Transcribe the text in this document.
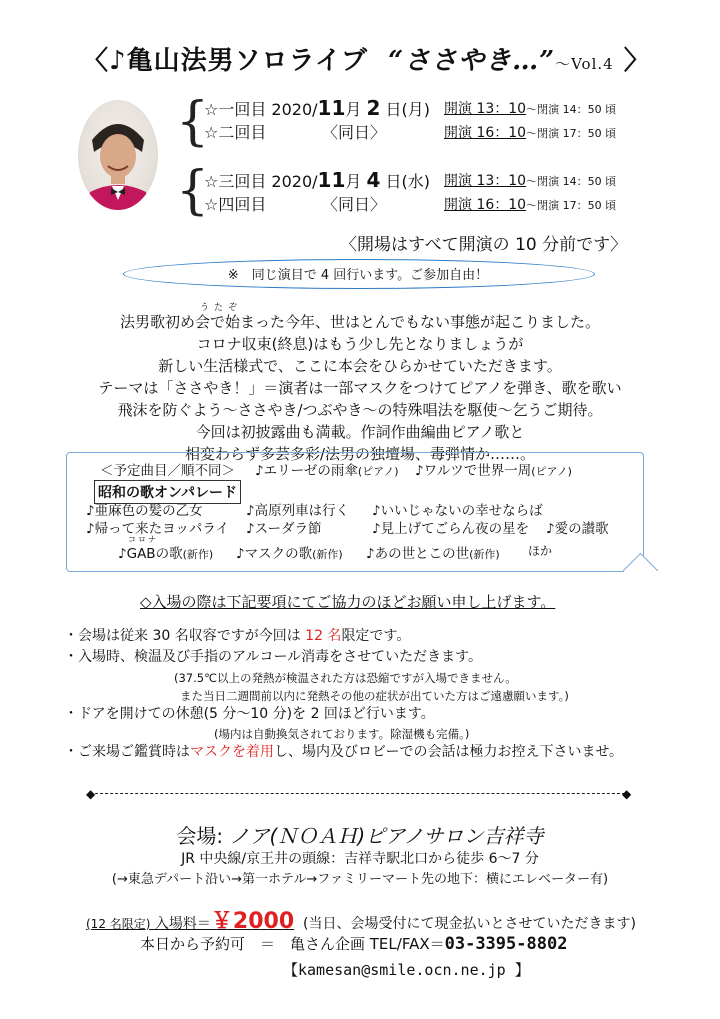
〈♪亀山法男ソロライブ “ささやき…”～Vol.4 〉
{
{
☆一回目 2020/11月 2 日(月) 開演 13：10～閉演 14：50 頃
☆二回目	〈同日〉	開演 16：10～閉演 17：50 頃
☆三回目 2020/11月 4 日(水) 開演 13：10～閉演 14：50 頃
☆四回目	〈同日〉	開演 16：10～閉演 17：50 頃
〈開場はすべて開演の 10 分前です〉
※　同じ演目で 4 回行います。ご参加自由！
うたぞ
法男歌初め会で始まった今年、世はとんでもない事態が起こりました。
コロナ収束(終息)はもう少し先となりましょうが
新しい生活様式で、ここに本会をひらかせていただきます。
テーマは「ささやき！」＝演者は一部マスクをつけてピアノを弾き、歌を歌い
飛沫を防ぐよう～ささやき/つぶやき～の特殊唱法を駆使～乞うご期待。
今回は初披露曲も満載。作詞作曲編曲ピアノ歌と
相変わらず多芸多彩/法男の独壇場、毒弾情か……。
＜予定曲目／順不同＞ ♪エリーゼの雨傘(ピアノ) ♪ワルツで世界一周(ピアノ)
昭和の歌オンパレード
♪亜麻色の髪の乙女	♪高原列車は行く ♪いいじゃないの幸せならば
♪帰って来たヨッパライ ♪スーダラ節	♪見上げてごらん夜の星を ♪愛の讃歌
コロナ
♪GABの歌(新作) ♪マスクの歌(新作) ♪あの世とこの世(新作) ほか
◇入場の際は下記要項にてご協力のほどお願い申し上げます。
・会場は従来 30 名収容ですが今回は 12 名限定です。
・入場時、検温及び手指のアルコール消毒をさせていただきます。
(37.5℃以上の発熱が検温された方は恐縮ですが入場できません。
また当日二週間前以内に発熱その他の症状が出ていた方はご遠慮願います。)
・ドアを開けての休憩(5 分～10 分)を 2 回ほど行います。
(場内は自動換気されております。除湿機も完備。)
・ご来場ご鑑賞時はマスクを着用し、場内及びロビーでの会話は極力お控え下さいませ。
◆	◆
会場: ノア(ＮＯＡＨ)ピアノサロン吉祥寺
JR 中央線/京王井の頭線：吉祥寺駅北口から徒歩 6～7 分
(→東急デパート沿い→第一ホテル→ファミリーマート先の地下：横にエレベーター有)
(12 名限定) 入場料＝￥2000 (当日、会場受付にて現金払いとさせていただきます)
本日から予約可　＝　亀さん企画 TEL/FAX＝03-3395-8802
【kamesan@smile.ocn.ne.jp 】
